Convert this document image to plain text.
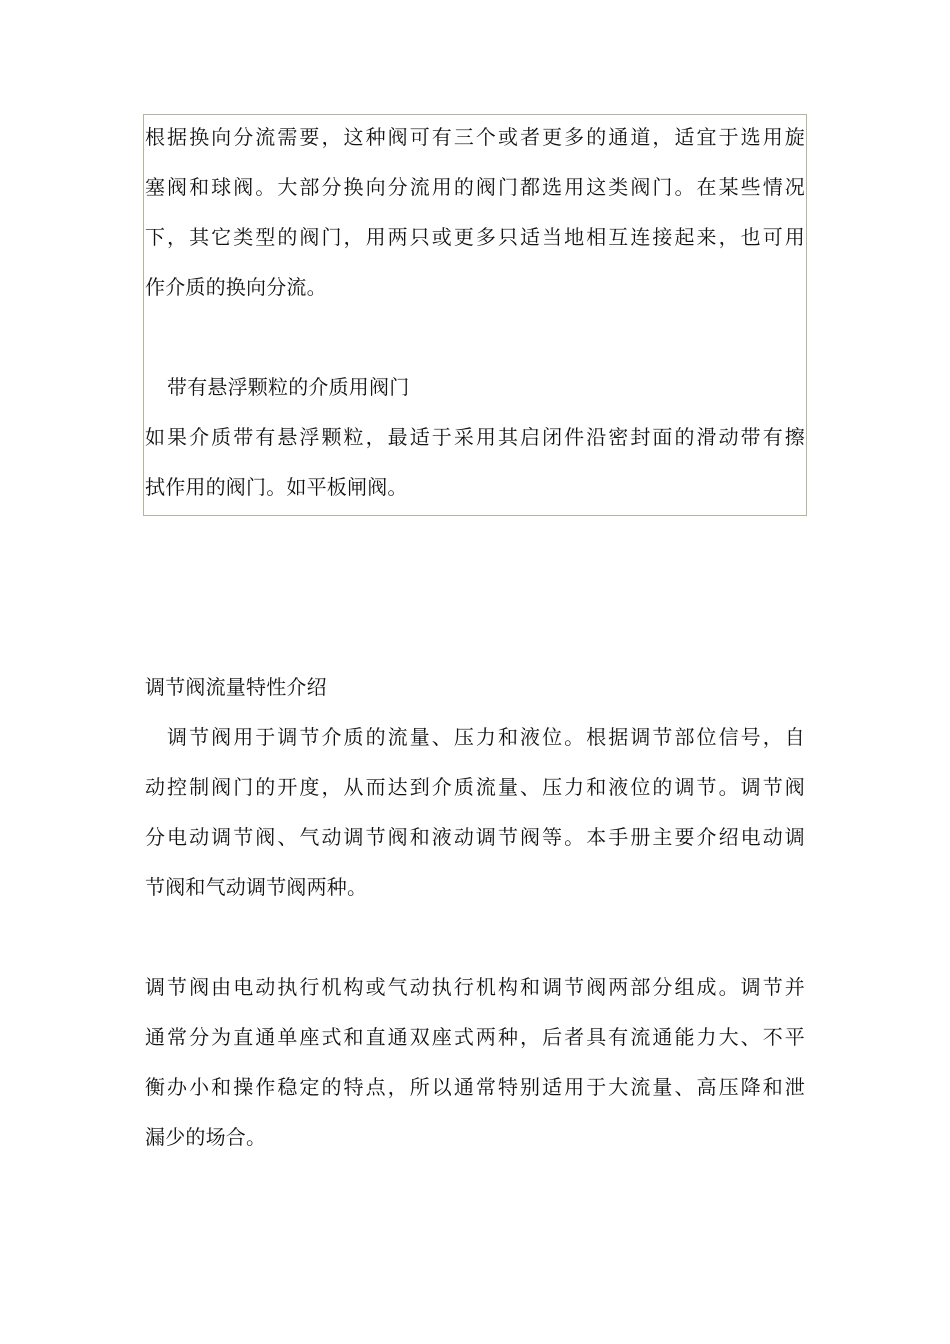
根据换向分流需要，这种阀可有三个或者更多的通道，适宜于选用旋
塞阀和球阀。大部分换向分流用的阀门都选用这类阀门。在某些情况
下，其它类型的阀门，用两只或更多只适当地相互连接起来，也可用
作介质的换向分流。
带有悬浮颗粒的介质用阀门
如果介质带有悬浮颗粒，最适于采用其启闭件沿密封面的滑动带有擦
拭作用的阀门。如平板闸阀。
调节阀流量特性介绍
调节阀用于调节介质的流量、压力和液位。根据调节部位信号，自
动控制阀门的开度，从而达到介质流量、压力和液位的调节。调节阀
分电动调节阀、气动调节阀和液动调节阀等。本手册主要介绍电动调
节阀和气动调节阀两种。
调节阀由电动执行机构或气动执行机构和调节阀两部分组成。调节并
通常分为直通单座式和直通双座式两种，后者具有流通能力大、不平
衡办小和操作稳定的特点，所以通常特别适用于大流量、高压降和泄
漏少的场合。
